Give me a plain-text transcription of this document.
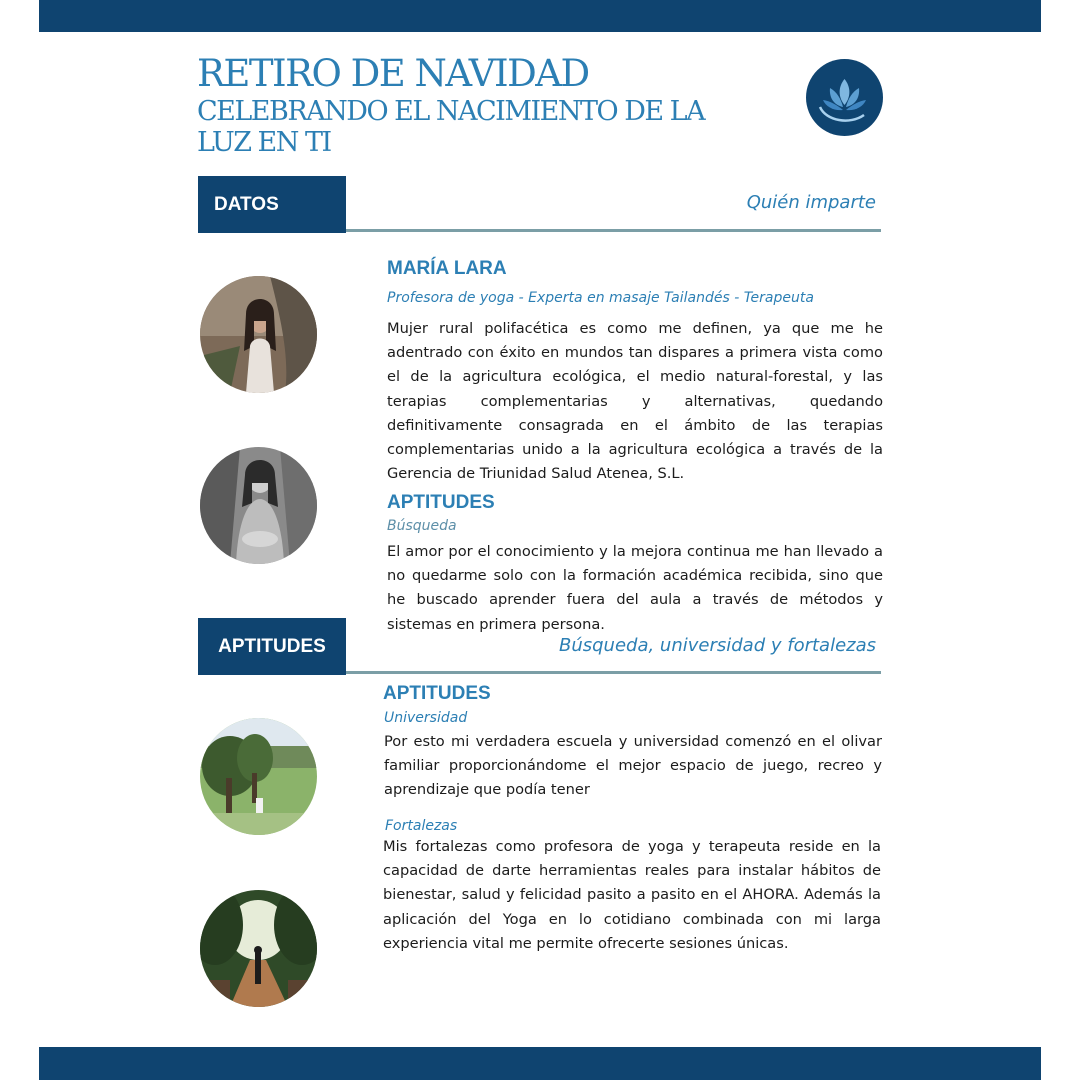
RETIRO DE NAVIDAD
CELEBRANDO EL NACIMIENTO DE LA LUZ EN TI
DATOS	Quién imparte
MARÍA LARA
Profesora de yoga - Experta en masaje Tailandés - Terapeuta

Mujer rural polifacética es como me definen, ya que me he adentrado con éxito en mundos tan dispares a primera vista como el de la agricultura ecológica, el medio natural-forestal, y las terapias complementarias y alternativas, quedando definitivamente consagrada en el ámbito de las terapias complementarias unido a la agricultura ecológica a través de la Gerencia de Triunidad Salud Atenea, S.L.

APTITUDES
Búsqueda

El amor por el conocimiento y la mejora continua me han llevado a no quedarme solo con la formación académica recibida, sino que he buscado aprender fuera del aula a través de métodos y sistemas en primera persona.

APTITUDES	Búsqueda, universidad y fortalezas
APTITUDES
Universidad

Por esto mi verdadera escuela y universidad comenzó en el olivar familiar proporcionándome el mejor espacio de juego, recreo y aprendizaje que podía tener

Fortalezas

Mis fortalezas como profesora de yoga y terapeuta reside en la capacidad de darte herramientas reales para instalar hábitos de bienestar, salud y felicidad pasito a pasito en el AHORA. Además la aplicación del Yoga en lo cotidiano combinada con mi larga experiencia vital me permite ofrecerte sesiones únicas.
